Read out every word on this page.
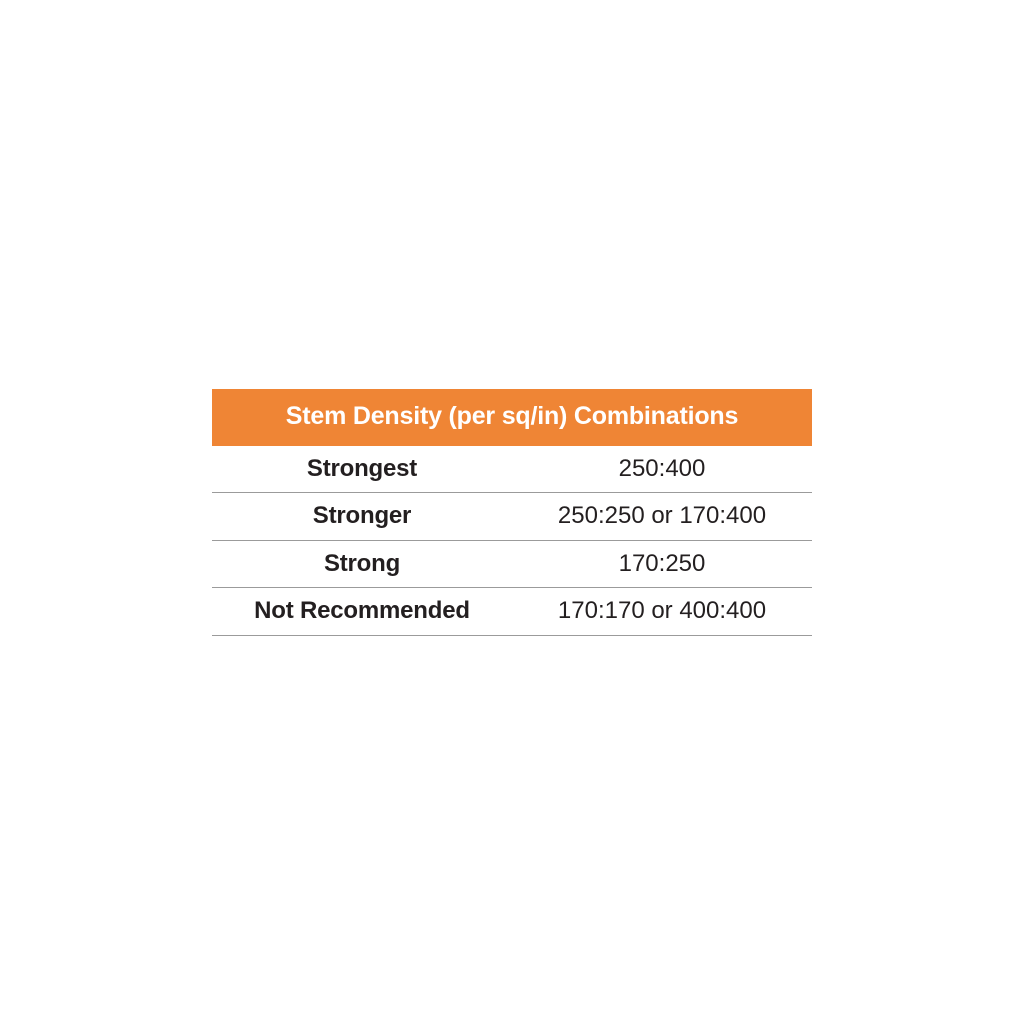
Stem Density (per sq/in) Combinations	
Strongest	250:400
Stronger	250:250 or 170:400
Strong	170:250
Not Recommended	170:170 or 400:400
